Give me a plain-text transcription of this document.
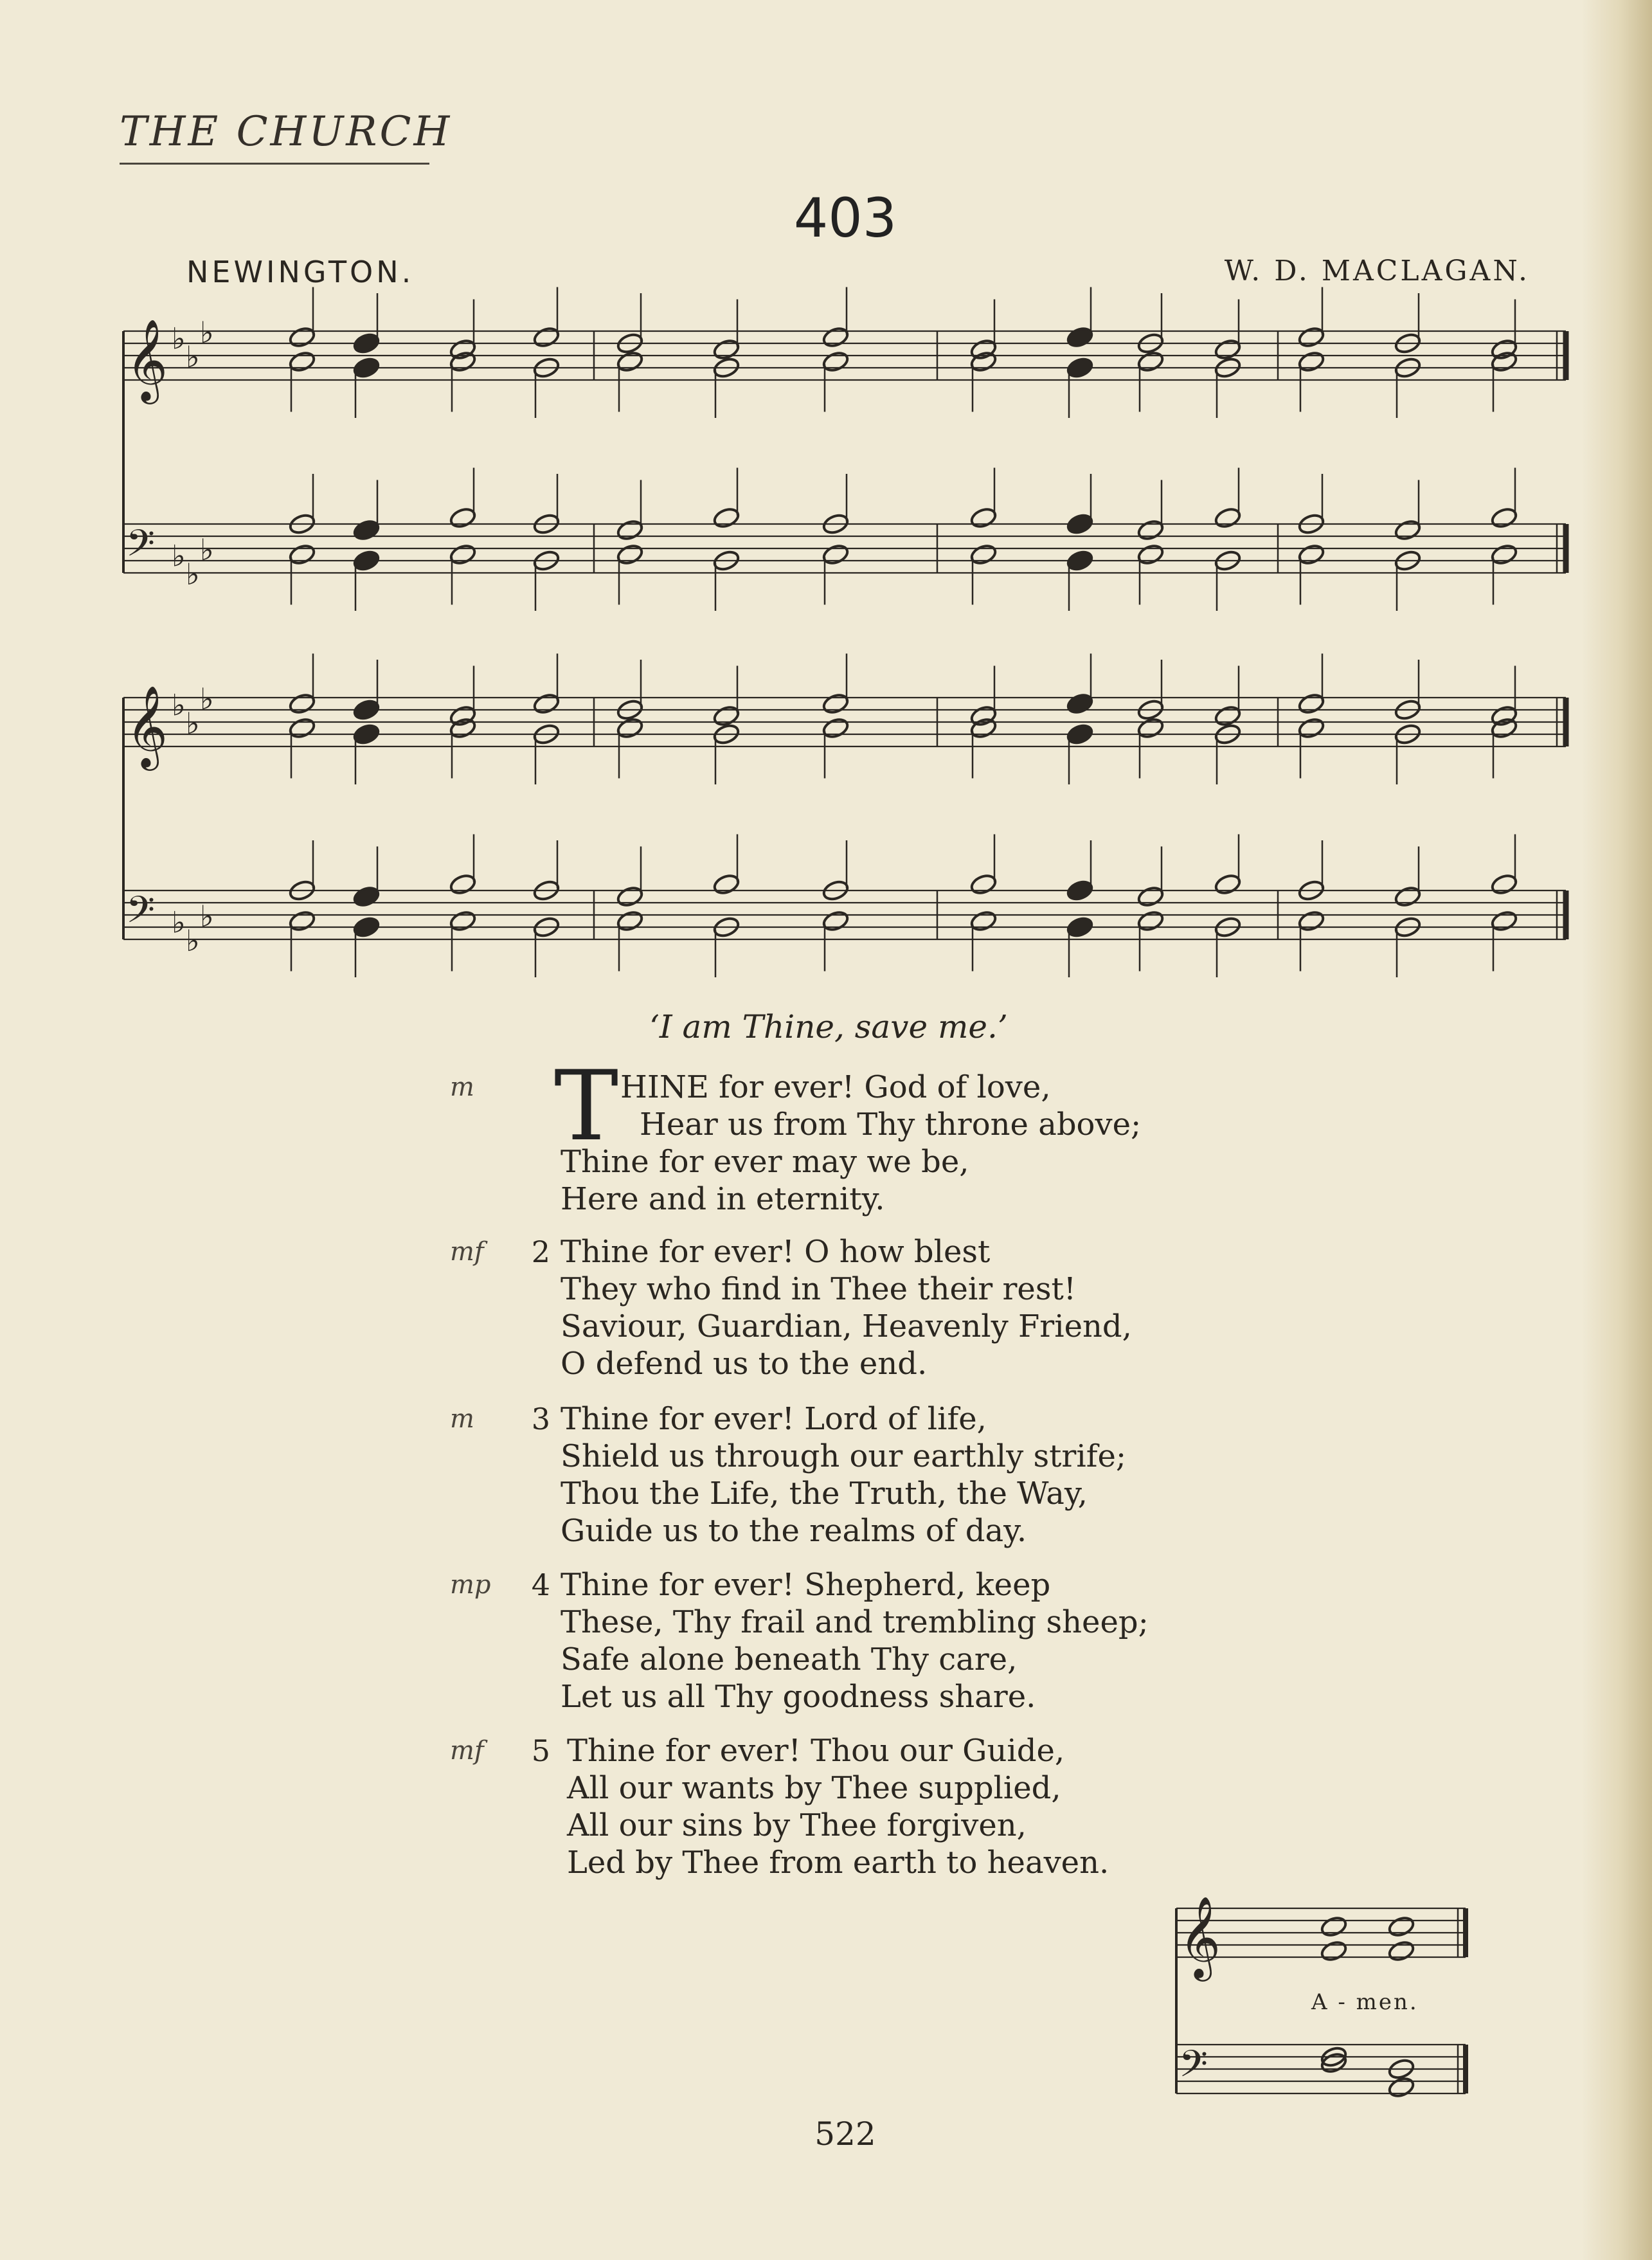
THE CHURCH
403
NEWINGTON.	W. D. MACLAGAN.
𝄞
𝄢
♭
♭
♭
♭
♭
♭
𝄞
𝄢
♭
♭
♭
♭
♭
♭
𝄞
𝄢
‘I am Thine, save me.’
m T HINE for ever! God of love,
Hear us from Thy throne above;
Thine for ever may we be,
Here and in eternity.
mf	2 Thine for ever! O how blest
They who find in Thee their rest!
Saviour, Guardian, Heavenly Friend,
O defend us to the end.
m	3 Thine for ever! Lord of life,
Shield us through our earthly strife;
Thou the Life, the Truth, the Way,
Guide us to the realms of day.
mp	4 Thine for ever! Shepherd, keep
These, Thy frail and trembling sheep;
Safe alone beneath Thy care,
Let us all Thy goodness share.
mf	5 Thine for ever! Thou our Guide,
All our wants by Thee supplied,
All our sins by Thee forgiven,
Led by Thee from earth to heaven.
A - men.
522
